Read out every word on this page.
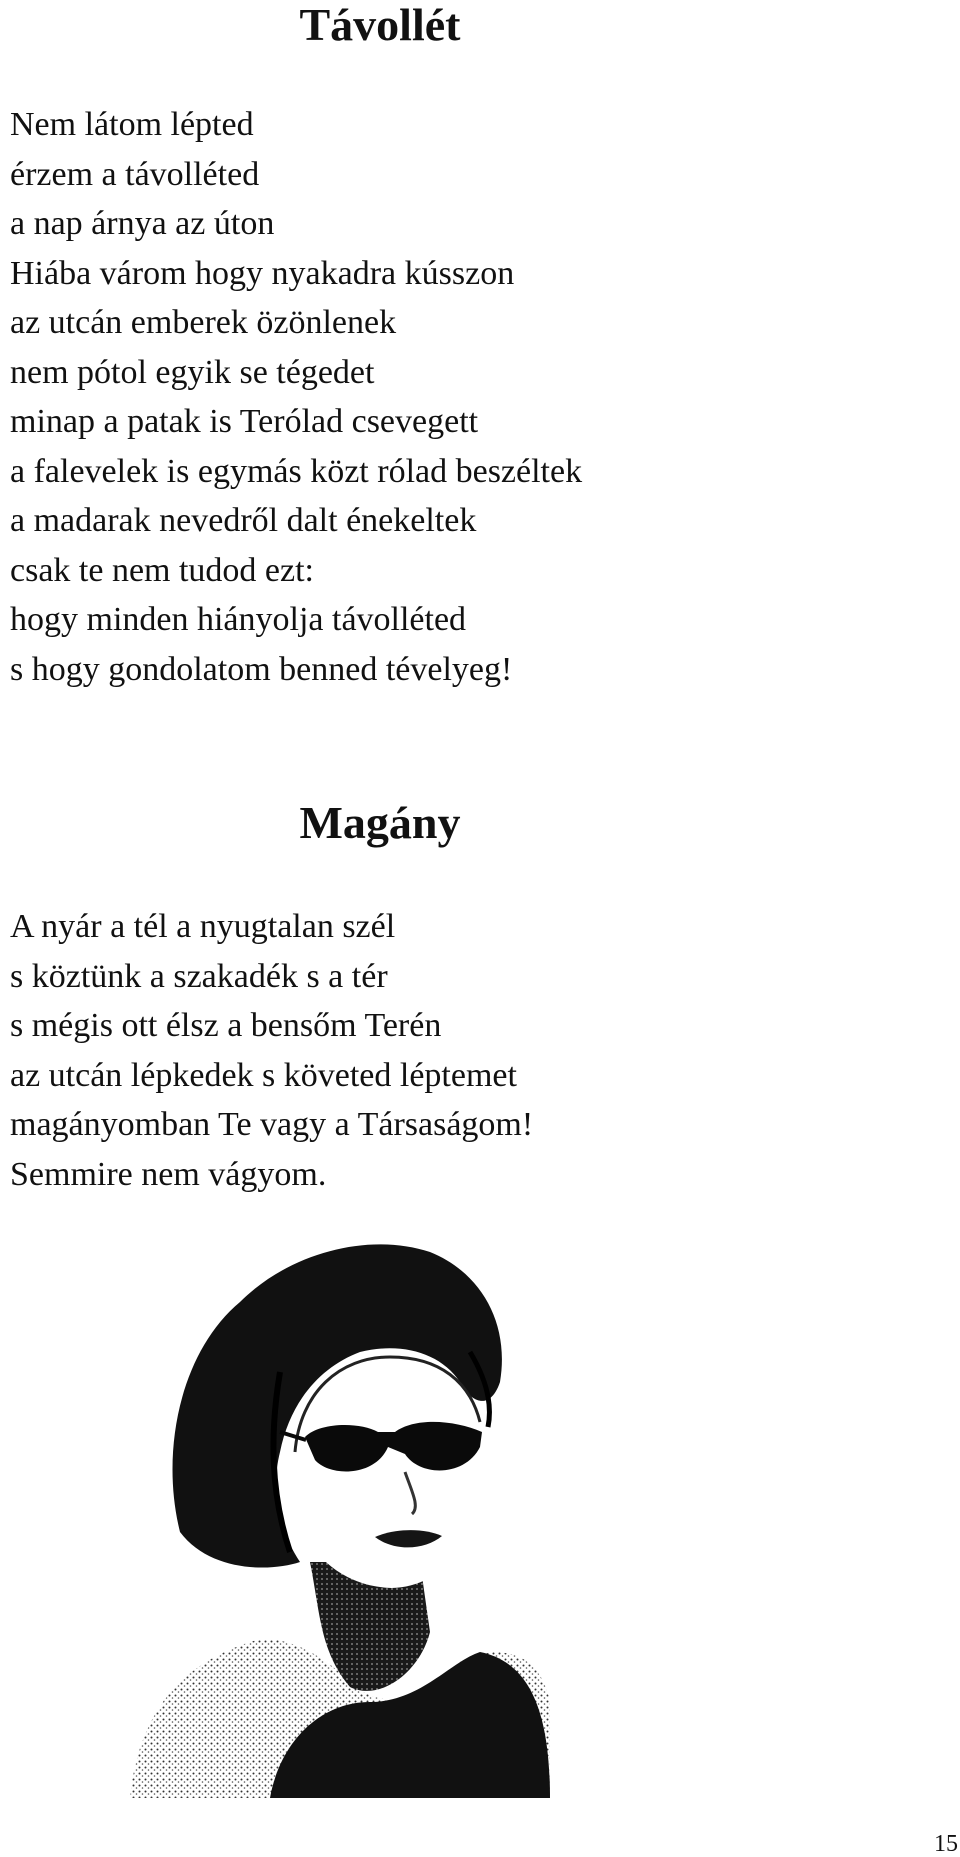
Távollét
Nem látom lépted
érzem a távolléted
a nap árnya az úton
Hiába várom hogy nyakadra kússzon
az utcán emberek özönlenek
nem pótol egyik se tégedet
minap a patak is Terólad csevegett
a falevelek is egymás közt rólad beszéltek
a madarak nevedről dalt énekeltek
csak te nem tudod ezt:
hogy minden hiányolja távolléted
s hogy gondolatom benned tévelyeg!
Magány
A nyár a tél a nyugtalan szél
s köztünk a szakadék s a tér
s mégis ott élsz a bensőm Terén
az utcán lépkedek s követed léptemet
magányomban Te vagy a Társaságom!
Semmire nem vágyom.
15
